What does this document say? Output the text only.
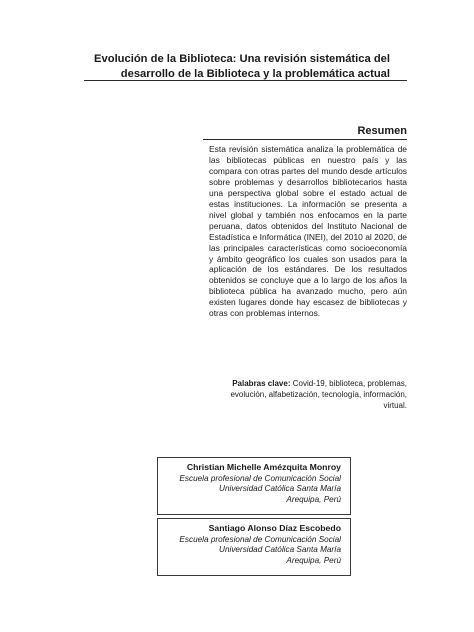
Evolución de la Biblioteca: Una revisión sistemática del
desarrollo de la Biblioteca y la problemática actual
Resumen

Esta revisión sistemática analiza la problemática de las bibliotecas públicas en nuestro país y las compara con otras partes del mundo desde artículos sobre problemas y desarrollos bibliotecarios hasta una perspectiva global sobre el estado actual de estas instituciones. La información se presenta a nivel global y también nos enfocamos en la parte peruana, datos obtenidos del Instituto Nacional de Estadística e Informática (INEI), del 2010 al 2020, de las principales características como socioeconomía y ámbito geográfico los cuales son usados para la aplicación de los estándares. De los resultados obtenidos se concluye que a lo largo de los años la biblioteca pública ha avanzado mucho, pero aún existen lugares donde hay escasez de bibliotecas y otras con problemas internos.

Palabras clave: Covid-19, biblioteca, problemas, evolución, alfabetización, tecnología, información, virtual.

Christian Michelle Amézquita Monroy
Escuela profesional de Comunicación Social
Universidad Católica Santa María
Arequipa, Perú
Santiago Alonso Díaz Escobedo
Escuela profesional de Comunicación Social
Universidad Católica Santa María
Arequipa, Perú
